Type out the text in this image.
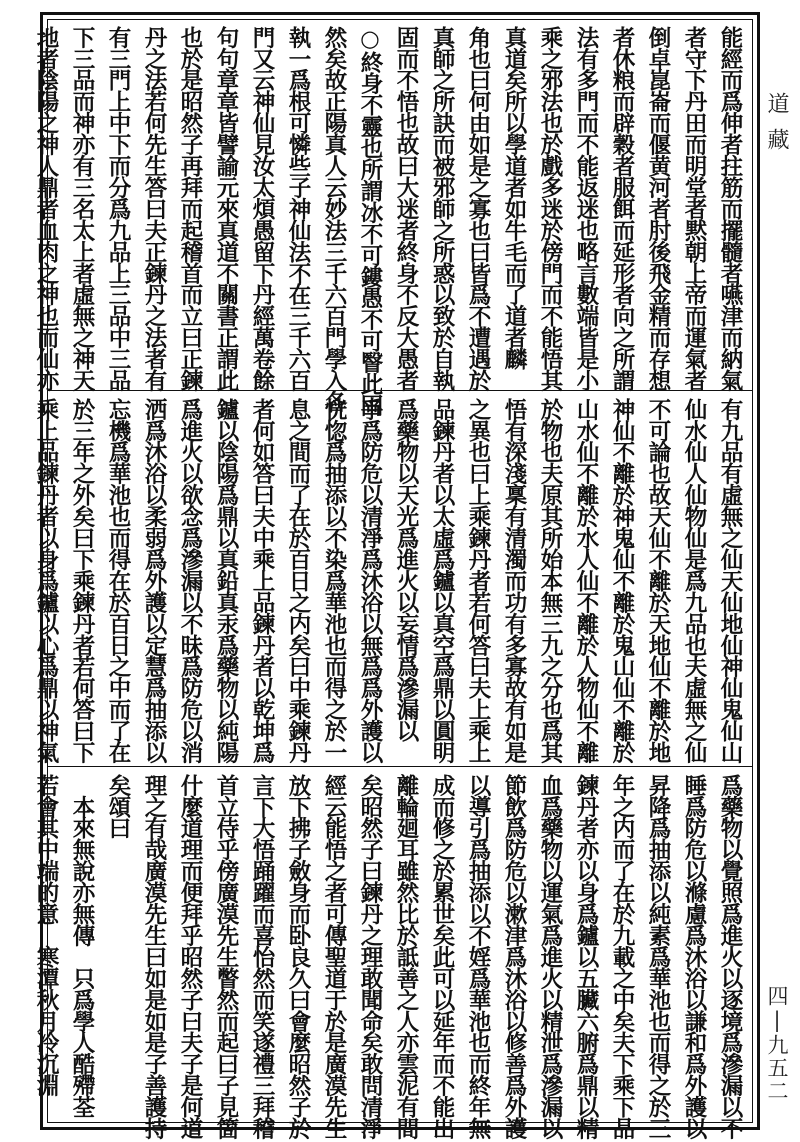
能經而爲伸者拄筋而擺髓者嚥津而納氣
者守下丹田而明堂者黙朝上帝而運氣者
倒卓崑崙而偃黄河者肘後飛金精而存想
者休粮而辟穀者服餌而延形者向之所謂
法有多門而不能返迷也略言數端皆是小
乘之邪法也於戲多迷於傍門而不能悟其
真道矣所以學道者如牛毛而了道者麟
角也曰何由如是之寡也曰皆爲不遭遇於
真師之所訣而被邪師之所惑以致於自執
固而不悟也故曰大迷者終身不反大愚者
○終身不靈也所謂冰不可鏤愚不可瞖此固
然矣故正陽真人云妙法三千六百門學入各
執一爲根可憐些子神仙法不在三千六百
門又云神仙見汝太煩愚留下丹經萬卷餘
句句章章皆譬諭元來真道不關書正謂此
也於是昭然子再拜而起稽首而立曰正鍊
丹之法若何先生答曰夫正鍊丹之法者有
有三門上中下而分爲九品上三品中三品
下三品而神亦有三名太上者虛無之神天
地者陰陽之神人鼎者血肉之神也而仙亦
有九品有虛無之仙天仙地仙神仙鬼仙山
仙水仙人仙物仙是爲九品也夫虛無之仙
不可論也故天仙不離於天地仙不離於地
神仙不離於神鬼仙不離於鬼山仙不離於
山水仙不離於水人仙不離於人物仙不離
於物也夫原其所始本無三九之分也爲其
悟有深淺稟有清濁而功有多寡故有如是
之異也曰上乘鍊丹者若何答曰夫上乘上
品鍊丹者以太虛爲鑪以真空爲鼎以圓明
爲藥物以天光爲進火以妄情爲滲漏以
爭爲防危以清淨爲沐浴以無爲爲外護以
恍惚爲抽添以不染爲華池也而得之於一
息之間而了在於百日之内矣曰中乘鍊丹
者何如答曰夫中乘上品鍊丹者以乾坤爲
鑪以陰陽爲鼎以真鉛真汞爲藥物以純陽
爲進火以欲念爲滲漏以不昧爲防危以消
洒爲沐浴以柔弱爲外護以定慧爲抽添以
忘機爲華池也而得在於百日之中而了在
於三年之外矣曰下乘鍊丹者若何答曰下
乘上品鍊丹者以身爲鑪以心爲鼎以神氣
爲藥物以覺照爲進火以逐境爲滲漏以不
睡爲防危以滌慮爲沐浴以謙和爲外護以
昇降爲抽添以純素爲華池也而得之於三
年之内而了在於九載之中矣夫下乘下品
鍊丹者亦以身爲鑪以五臟六腑爲鼎以精
血爲藥物以運氣爲進火以精泄爲滲漏以
節飲爲防危以漱津爲沐浴以修善爲外護
以導引爲抽添以不婬爲華池也而終年無
成而修之於累世矣此可以延年而不能出
離輪廻耳雖然比於詆善之人亦雲泥有間
矣昭然子曰鍊丹之理敢聞命矣敢問清淨
經云能悟之者可傳聖道于於是廣漠先生
放下拂子斂身而卧良久曰會麼昭然子於
言下大悟踊躍而喜怡然而笑遂禮三拜稽
首立侍乎傍廣漠先生瞥然而起曰子見箇
什麼道理而便拜乎昭然子曰夫子是何道
理之有哉廣漠先生曰如是如是子善護持
矣頌曰
　本來無說亦無傳　只爲學人酷殢荃
若會其中端的意　寒潭秋月冷沉淵
道藏
四|九五二
